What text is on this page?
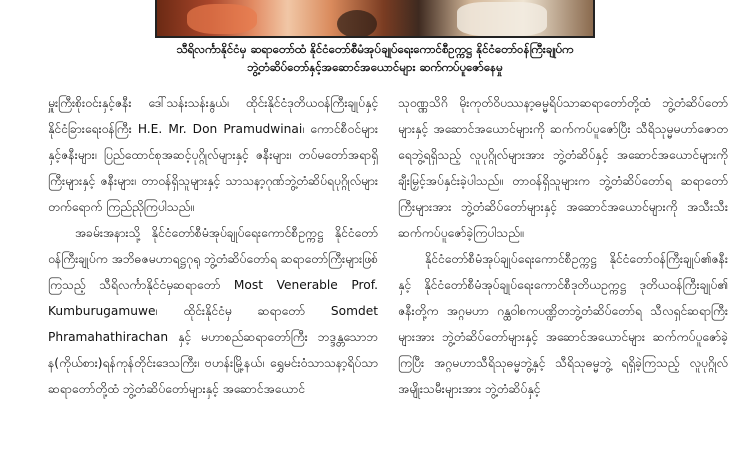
သီရိလင်္ကာနိုင်ငံမှ ဆရာတော်ထံ နိုင်ငံတော်စီမံအုပ်ချုပ်ရေးကောင်စီဥက္ကဋ္ဌ နိုင်ငံတော်ဝန်ကြီးချုပ်က
ဘွဲ့တံဆိပ်တော်နှင့်အဆောင်အယောင်များ ဆက်ကပ်ပူဇော်နေမှု

မှူးကြီးစိုးဝင်းနှင့်ဇနီး ဒေါ်သန်းသန်းနွယ်၊ ထိုင်းနိုင်ငံဒုတိယဝန်ကြီးချုပ်နှင့် နိုင်ငံခြားရေးဝန်ကြီး H.E. Mr. Don Pramudwinai၊ ကောင်စီဝင်များနှင့်ဇနီးများ၊ ပြည်ထောင်စုအဆင့်ပုဂ္ဂိုလ်များနှင့် ဇနီးများ၊ တပ်မတော်အရာရှိကြီးများနှင့် ဇနီးများ၊ တာဝန်ရှိသူများနှင့် သာသနာ့ဂုဏ်ဘွဲ့တံဆိပ်ရပုဂ္ဂိုလ်များ တက်ရောက် ကြည်ညိုကြပါသည်။

အခမ်းအနားသို့ နိုင်ငံတော်စီမံအုပ်ချုပ်ရေးကောင်စီဥက္ကဋ္ဌ နိုင်ငံတော်ဝန်ကြီးချုပ်က အဘိဓဇမဟာရဋ္ဌဂုရု ဘွဲ့တံဆိပ်တော်ရ ဆရာတော်ကြီးများဖြစ်ကြသည့် သီရိလင်္ကာနိုင်ငံမှဆရာတော် Most Venerable Prof. Kumburugamuwe၊ ထိုင်းနိုင်ငံမှ ဆရာတော် Somdet Phramahathirachan နှင့် မဟာစည်ဆရာတော်ကြီး ဘဒ္ဒန္တသောဘန(ကိုယ်စား)ရန်ကုန်တိုင်းဒေသကြီး၊ ဗဟန်းမြို့နယ်၊ ရွှေမင်းဝံသာသနာ့ရိပ်သာ ဆရာတော်တို့ထံ ဘွဲ့တံဆိပ်တော်များနှင့် အဆောင်အယောင်

သုဝဏ္ဏသိဂိ မိုးကုတ်ဝိပဿနာ့ဓမ္မရိပ်သာဆရာတော်တို့ထံ ဘွဲ့တံဆိပ်တော်များနှင့် အဆောင်အယောင်များကို ဆက်ကပ်ပူဇော်ပြီး သီရိသုမ္မမဟာ်ဇောတရေဘွဲ့ရရှိသည့် လူပုဂ္ဂိုလ်များအား ဘွဲ့တံဆိပ်နှင့် အဆောင်အယောင်များကို ချီးမြှင့်အပ်နှင်းခဲ့ပါသည်။ တာဝန်ရှိသူများက ဘွဲ့တံဆိပ်တော်ရ ဆရာတော်ကြီးများအား ဘွဲ့တံဆိပ်တော်များနှင့် အဆောင်အယောင်များကို အသီးသီးဆက်ကပ်ပူဇော်ခဲ့ကြပါသည်။

နိုင်ငံတော်စီမံအုပ်ချုပ်ရေးကောင်စီဥက္ကဋ္ဌ နိုင်ငံတော်ဝန်ကြီးချုပ်၏ဇနီးနှင့် နိုင်ငံတော်စီမံအုပ်ချုပ်ရေးကောင်စီဒုတိယဥက္ကဋ္ဌ ဒုတိယဝန်ကြီးချုပ်၏ ဇနီးတို့က အဂ္ဂမဟာ ဂန္ထဝါစကပဏ္ဍိတဘွဲ့တံဆိပ်တော်ရ သီလရှင်ဆရာကြီးများအား ဘွဲ့တံဆိပ်တော်များနှင့် အဆောင်အယောင်များ ဆက်ကပ်ပူဇော်ခဲ့ကြပြီး အဂ္ဂမဟာသီရိသုဓမ္မဘွဲ့နှင့် သီရိသုဓမ္မဘွဲ့ ရရှိခဲ့ကြသည့် လူပုဂ္ဂိုလ်အမျိုးသမီးများအား ဘွဲ့တံဆိပ်နှင့်
